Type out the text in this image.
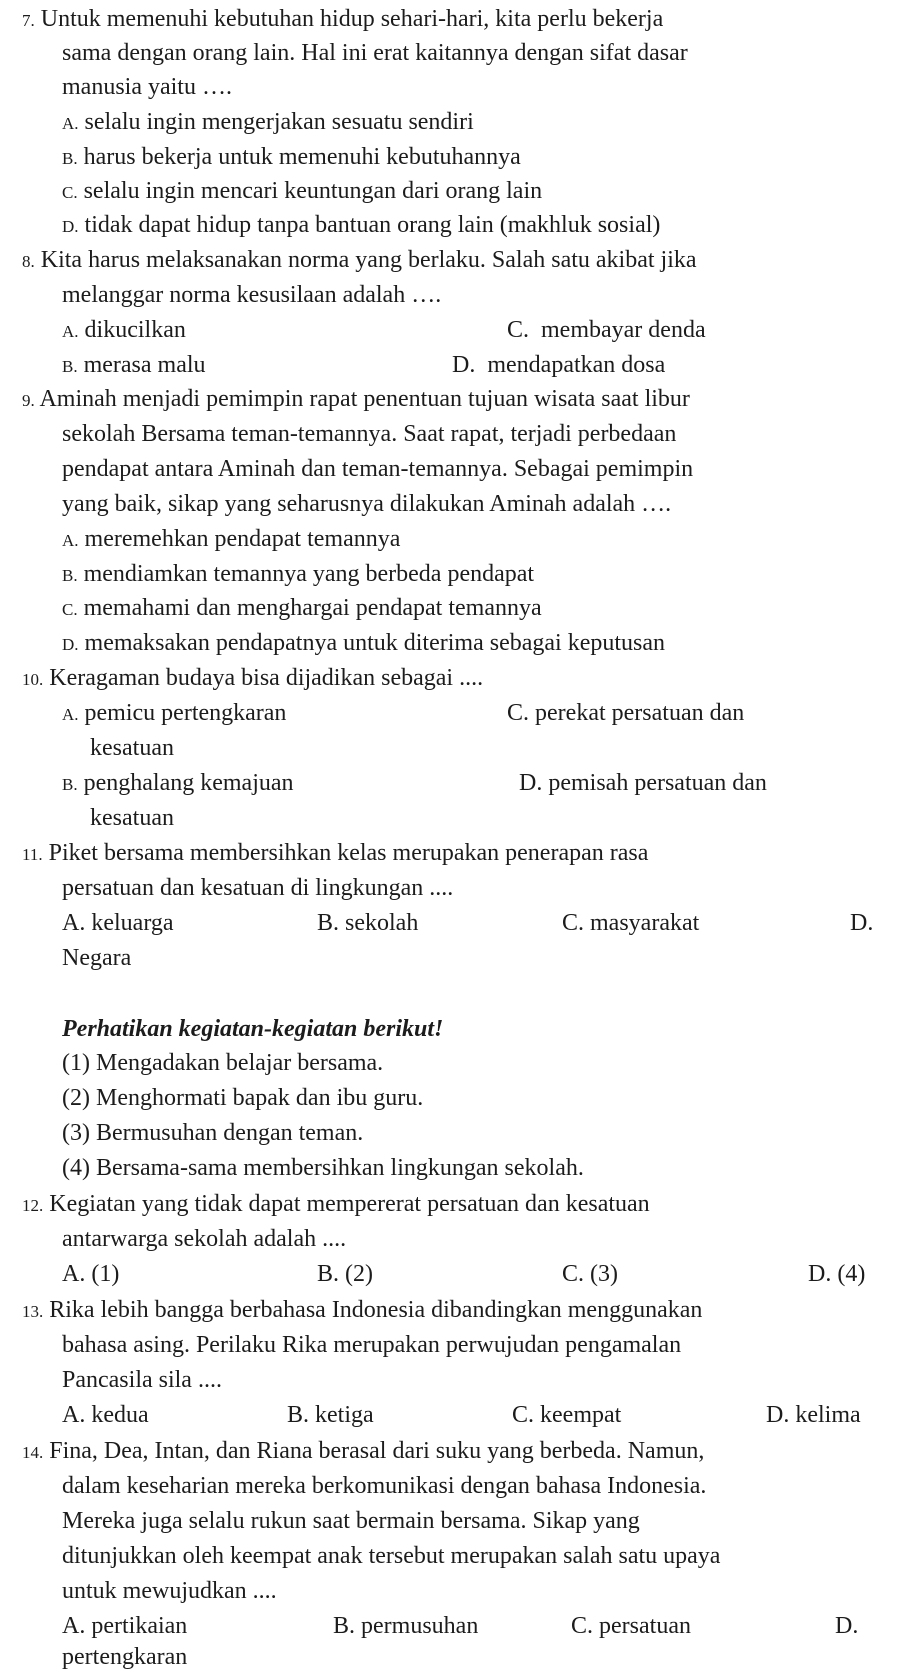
7. Untuk memenuhi kebutuhan hidup sehari-hari, kita perlu bekerja
sama dengan orang lain. Hal ini erat kaitannya dengan sifat dasar
manusia yaitu ….
A. selalu ingin mengerjakan sesuatu sendiri
B. harus bekerja untuk memenuhi kebutuhannya
C. selalu ingin mencari keuntungan dari orang lain
D. tidak dapat hidup tanpa bantuan orang lain (makhluk sosial)
8. Kita harus melaksanakan norma yang berlaku. Salah satu akibat jika
melanggar norma kesusilaan adalah ….
A. dikucilkan	C. membayar denda
B. merasa malu	D. mendapatkan dosa
9. Aminah menjadi pemimpin rapat penentuan tujuan wisata saat libur
sekolah Bersama teman-temannya. Saat rapat, terjadi perbedaan
pendapat antara Aminah dan teman-temannya. Sebagai pemimpin
yang baik, sikap yang seharusnya dilakukan Aminah adalah ….
A. meremehkan pendapat temannya
B. mendiamkan temannya yang berbeda pendapat
C. memahami dan menghargai pendapat temannya
D. memaksakan pendapatnya untuk diterima sebagai keputusan
10. Keragaman budaya bisa dijadikan sebagai ....
A. pemicu pertengkaran	C. perekat persatuan dan
kesatuan
B. penghalang kemajuan	D. pemisah persatuan dan
kesatuan
11. Piket bersama membersihkan kelas merupakan penerapan rasa
persatuan dan kesatuan di lingkungan ....
A. keluarga	B. sekolah	C. masyarakat	D.
Negara
Perhatikan kegiatan-kegiatan berikut!
(1) Mengadakan belajar bersama.
(2) Menghormati bapak dan ibu guru.
(3) Bermusuhan dengan teman.
(4) Bersama-sama membersihkan lingkungan sekolah.
12. Kegiatan yang tidak dapat mempererat persatuan dan kesatuan
antarwarga sekolah adalah ....
A. (1)	B. (2)	C. (3)	D. (4)
13. Rika lebih bangga berbahasa Indonesia dibandingkan menggunakan
bahasa asing. Perilaku Rika merupakan perwujudan pengamalan
Pancasila sila ....
A. kedua	B. ketiga	C. keempat	D. kelima
14. Fina, Dea, Intan, dan Riana berasal dari suku yang berbeda. Namun,
dalam keseharian mereka berkomunikasi dengan bahasa Indonesia.
Mereka juga selalu rukun saat bermain bersama. Sikap yang
ditunjukkan oleh keempat anak tersebut merupakan salah satu upaya
untuk mewujudkan ....
A. pertikaian	B. permusuhan	C. persatuan	D.
pertengkaran
